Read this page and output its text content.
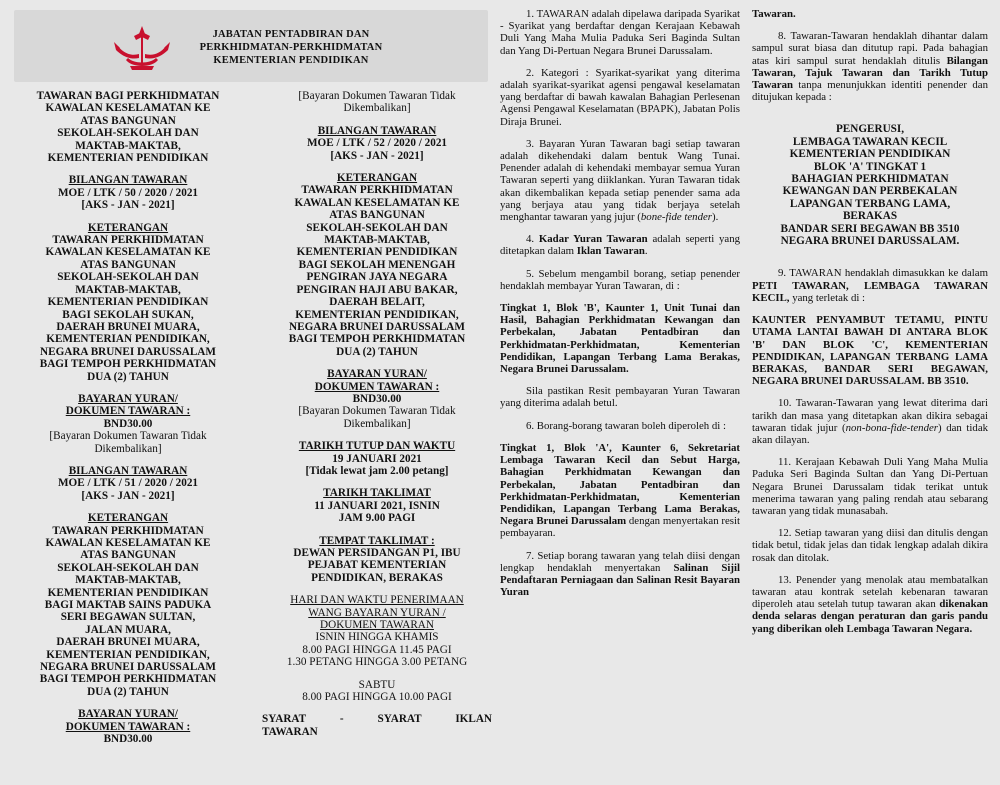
JABATAN PENTADBIRAN DAN
PERKHIDMATAN-PERKHIDMATAN
KEMENTERIAN PENDIDIKAN
TAWARAN BAGI PERKHIDMATAN
KAWALAN KESELAMATAN KE
ATAS BANGUNAN
SEKOLAH-SEKOLAH DAN
MAKTAB-MAKTAB,
KEMENTERIAN PENDIDIKAN
BILANGAN TAWARAN
MOE / LTK / 50 / 2020 / 2021
[AKS - JAN - 2021]
KETERANGAN
TAWARAN PERKHIDMATAN
KAWALAN KESELAMATAN KE
ATAS BANGUNAN
SEKOLAH-SEKOLAH DAN
MAKTAB-MAKTAB,
KEMENTERIAN PENDIDIKAN
BAGI SEKOLAH SUKAN,
DAERAH BRUNEI MUARA,
KEMENTERIAN PENDIDIKAN,
NEGARA BRUNEI DARUSSALAM
BAGI TEMPOH PERKHIDMATAN
DUA (2) TAHUN
BAYARAN YURAN/
DOKUMEN TAWARAN :
BND30.00
[Bayaran Dokumen Tawaran Tidak
Dikembalikan]
BILANGAN TAWARAN
MOE / LTK / 51 / 2020 / 2021
[AKS - JAN - 2021]
KETERANGAN
TAWARAN PERKHIDMATAN
KAWALAN KESELAMATAN KE
ATAS BANGUNAN
SEKOLAH-SEKOLAH DAN
MAKTAB-MAKTAB,
KEMENTERIAN PENDIDIKAN
BAGI MAKTAB SAINS PADUKA
SERI BEGAWAN SULTAN,
JALAN MUARA,
DAERAH BRUNEI MUARA,
KEMENTERIAN PENDIDIKAN,
NEGARA BRUNEI DARUSSALAM
BAGI TEMPOH PERKHIDMATAN
DUA (2) TAHUN
BAYARAN YURAN/
DOKUMEN TAWARAN :
BND30.00
[Bayaran Dokumen Tawaran Tidak
Dikembalikan]
BILANGAN TAWARAN
MOE / LTK / 52 / 2020 / 2021
[AKS - JAN - 2021]
KETERANGAN
TAWARAN PERKHIDMATAN
KAWALAN KESELAMATAN KE
ATAS BANGUNAN
SEKOLAH-SEKOLAH DAN
MAKTAB-MAKTAB,
KEMENTERIAN PENDIDIKAN
BAGI SEKOLAH MENENGAH
PENGIRAN JAYA NEGARA
PENGIRAN HAJI ABU BAKAR,
DAERAH BELAIT,
KEMENTERIAN PENDIDIKAN,
NEGARA BRUNEI DARUSSALAM
BAGI TEMPOH PERKHIDMATAN
DUA (2) TAHUN
BAYARAN YURAN/
DOKUMEN TAWARAN :
BND30.00
[Bayaran Dokumen Tawaran Tidak
Dikembalikan]
TARIKH TUTUP DAN WAKTU
19 JANUARI 2021
[Tidak lewat jam 2.00 petang]
TARIKH TAKLIMAT
11 JANUARI 2021, ISNIN
JAM 9.00 PAGI
TEMPAT TAKLIMAT :
DEWAN PERSIDANGAN P1, IBU
PEJABAT KEMENTERIAN
PENDIDIKAN, BERAKAS
HARI DAN WAKTU PENERIMAAN
WANG BAYARAN YURAN /
DOKUMEN TAWARAN
ISNIN HINGGA KHAMIS
8.00 PAGI HINGGA 11.45 PAGI
1.30 PETANG HINGGA 3.00 PETANG
SABTU
8.00 PAGI HINGGA 10.00 PAGI
SYARAT  -  SYARAT  IKLAN
TAWARAN
1. TAWARAN adalah dipelawa daripada Syarikat - Syarikat yang berdaftar dengan Kerajaan Kebawah Duli Yang Maha Mulia Paduka Seri Baginda Sultan dan Yang Di-Pertuan Negara Brunei Darussalam.
2. Kategori : Syarikat-syarikat yang diterima adalah syarikat-syarikat agensi pengawal keselamatan yang berdaftar di bawah kawalan Bahagian Perlesenan Agensi Pengawal Keselamatan (BPAPK), Jabatan Polis Diraja Brunei.
3. Bayaran Yuran Tawaran bagi setiap tawaran adalah dikehendaki dalam bentuk Wang Tunai. Penender adalah di kehendaki membayar semua Yuran Tawaran seperti yang diiklankan. Yuran Tawaran tidak akan dikembalikan kepada setiap penender sama ada yang berjaya atau yang tidak berjaya setelah menghantar tawaran yang jujur (bone-fide tender).
4. Kadar Yuran Tawaran adalah seperti yang ditetapkan dalam Iklan Tawaran.
5. Sebelum mengambil borang, setiap penender hendaklah membayar Yuran Tawaran, di :
Tingkat 1, Blok 'B', Kaunter 1, Unit Tunai dan Hasil, Bahagian Perkhidmatan Kewangan dan Perbekalan, Jabatan Pentadbiran dan Perkhidmatan-Perkhidmatan, Kementerian Pendidikan, Lapangan Terbang Lama Berakas, Negara Brunei Darussalam.
Sila pastikan Resit pembayaran Yuran Tawaran yang diterima adalah betul.
6. Borang-borang tawaran boleh diperoleh di :
Tingkat 1, Blok 'A', Kaunter 6, Sekretariat Lembaga Tawaran Kecil dan Sebut Harga, Bahagian Perkhidmatan Kewangan dan Perbekalan, Jabatan Pentadbiran dan Perkhidmatan-Perkhidmatan, Kementerian Pendidikan, Lapangan Terbang Lama Berakas, Negara Brunei Darussalam dengan menyertakan resit pembayaran.
7. Setiap borang tawaran yang telah diisi dengan lengkap hendaklah menyertakan Salinan Sijil Pendaftaran Perniagaan dan Salinan Resit Bayaran Yuran
Tawaran.
8. Tawaran-Tawaran hendaklah dihantar dalam sampul surat biasa dan ditutup rapi. Pada bahagian atas kiri sampul surat hendaklah ditulis Bilangan Tawaran, Tajuk Tawaran dan Tarikh Tutup Tawaran tanpa menunjukkan identiti penender dan ditujukan kepada :
PENGERUSI,
LEMBAGA TAWARAN KECIL
KEMENTERIAN PENDIDIKAN
BLOK 'A' TINGKAT 1
BAHAGIAN PERKHIDMATAN
KEWANGAN DAN PERBEKALAN
LAPANGAN TERBANG LAMA,
BERAKAS
BANDAR SERI BEGAWAN BB 3510
NEGARA BRUNEI DARUSSALAM.
9. TAWARAN hendaklah dimasukkan ke dalam PETI TAWARAN, LEMBAGA TAWARAN KECIL, yang terletak di :
KAUNTER PENYAMBUT TETAMU, PINTU UTAMA LANTAI BAWAH DI ANTARA BLOK 'B' DAN BLOK 'C', KEMENTERIAN PENDIDIKAN, LAPANGAN TERBANG LAMA BERAKAS, BANDAR SERI BEGAWAN, NEGARA BRUNEI DARUSSALAM. BB 3510.
10. Tawaran-Tawaran yang lewat diterima dari tarikh dan masa yang ditetapkan akan dikira sebagai tawaran tidak jujur (non-bona-fide-tender) dan tidak akan dilayan.
11. Kerajaan Kebawah Duli Yang Maha Mulia Paduka Seri Baginda Sultan dan Yang Di-Pertuan Negara Brunei Darussalam tidak terikat untuk menerima tawaran yang paling rendah atau sebarang tawaran yang tidak munasabah.
12. Setiap tawaran yang diisi dan ditulis dengan tidak betul, tidak jelas dan tidak lengkap adalah dikira rosak dan ditolak.
13. Penender yang menolak atau membatalkan tawaran atau kontrak setelah kebenaran tawaran diperoleh atau setelah tutup tawaran akan dikenakan denda selaras dengan peraturan dan garis pandu yang diberikan oleh Lembaga Tawaran Negara.
